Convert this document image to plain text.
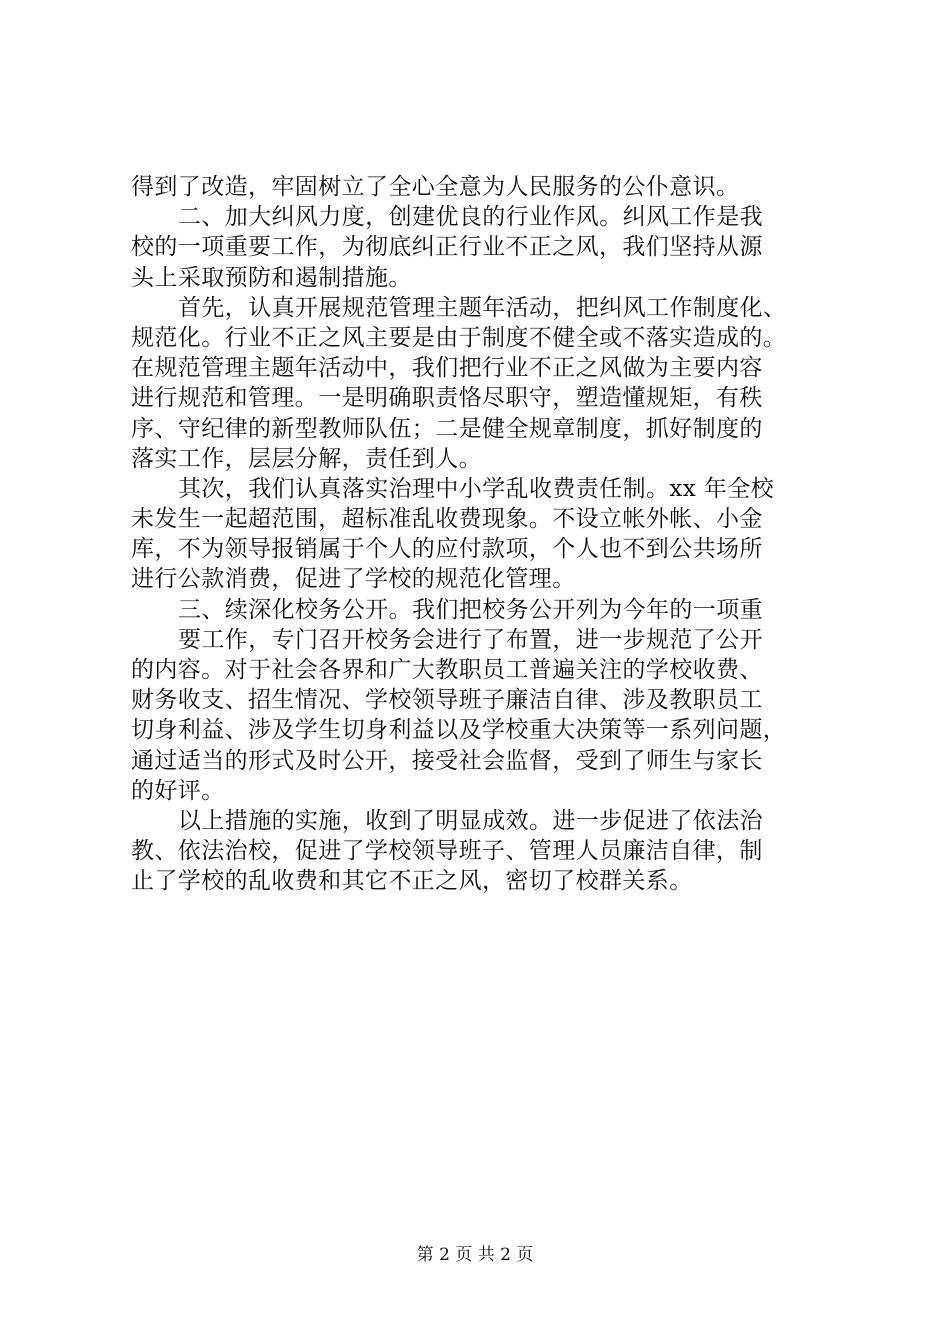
得到了改造，牢固树立了全心全意为人民服务的公仆意识。
二、加大纠风力度，创建优良的行业作风。纠风工作是我
校的一项重要工作，为彻底纠正行业不正之风，我们坚持从源
头上采取预防和遏制措施。
首先，认真开展规范管理主题年活动，把纠风工作制度化、
规范化。行业不正之风主要是由于制度不健全或不落实造成的。
在规范管理主题年活动中，我们把行业不正之风做为主要内容
进行规范和管理。一是明确职责恪尽职守，塑造懂规矩，有秩
序、守纪律的新型教师队伍；二是健全规章制度，抓好制度的
落实工作，层层分解，责任到人。
其次，我们认真落实治理中小学乱收费责任制。xx 年全校
未发生一起超范围，超标准乱收费现象。不设立帐外帐、小金
库，不为领导报销属于个人的应付款项，个人也不到公共场所
进行公款消费，促进了学校的规范化管理。
三、续深化校务公开。我们把校务公开列为今年的一项重
要工作，专门召开校务会进行了布置，进一步规范了公开
的内容。对于社会各界和广大教职员工普遍关注的学校收费、
财务收支、招生情况、学校领导班子廉洁自律、涉及教职员工
切身利益、涉及学生切身利益以及学校重大决策等一系列问题，
通过适当的形式及时公开，接受社会监督，受到了师生与家长
的好评。
以上措施的实施，收到了明显成效。进一步促进了依法治
教、依法治校，促进了学校领导班子、管理人员廉洁自律，制
止了学校的乱收费和其它不正之风，密切了校群关系。
第 2 页 共 2 页
